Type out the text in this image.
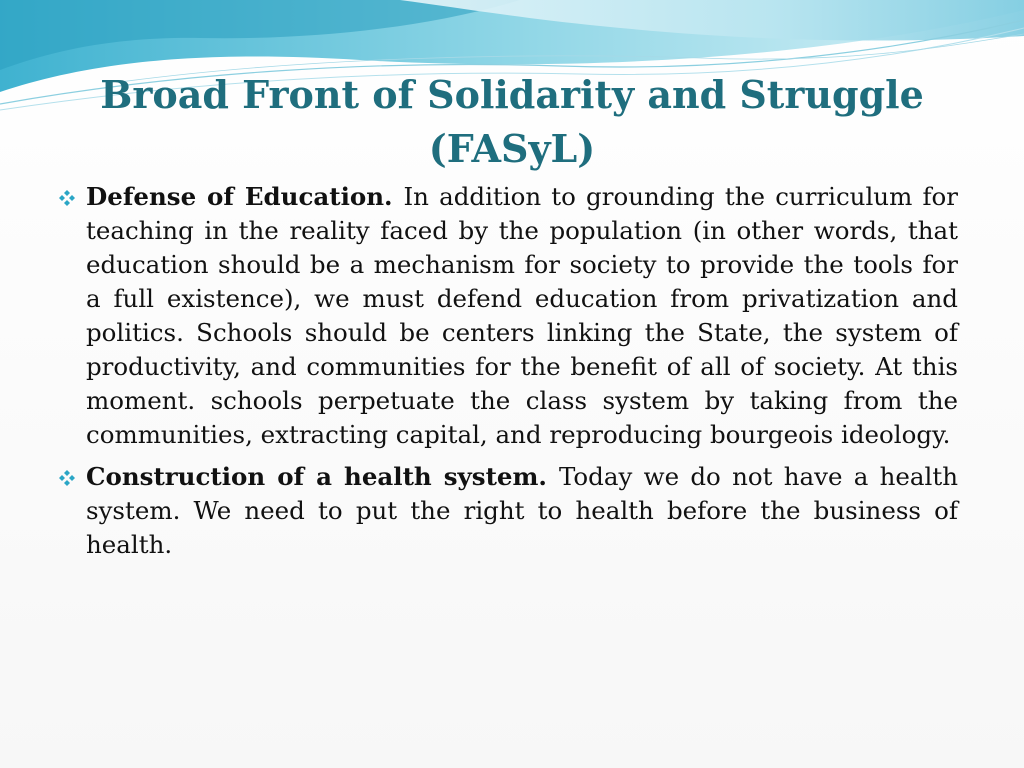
Broad Front of Solidarity and Struggle
(FASyL)

Defense of Education. In addition to grounding the curriculum for teaching in the reality faced by the population (in other words, that education should be a mechanism for society to provide the tools for a full existence), we must defend education from privatization and politics. Schools should be centers linking the State, the system of productivity, and communities for the benefit of all of society. At this moment. schools perpetuate the class system by taking from the communities, extracting capital, and reproducing bourgeois ideology.

Construction of a health system. Today we do not have a health system. We need to put the right to health before the business of health.
